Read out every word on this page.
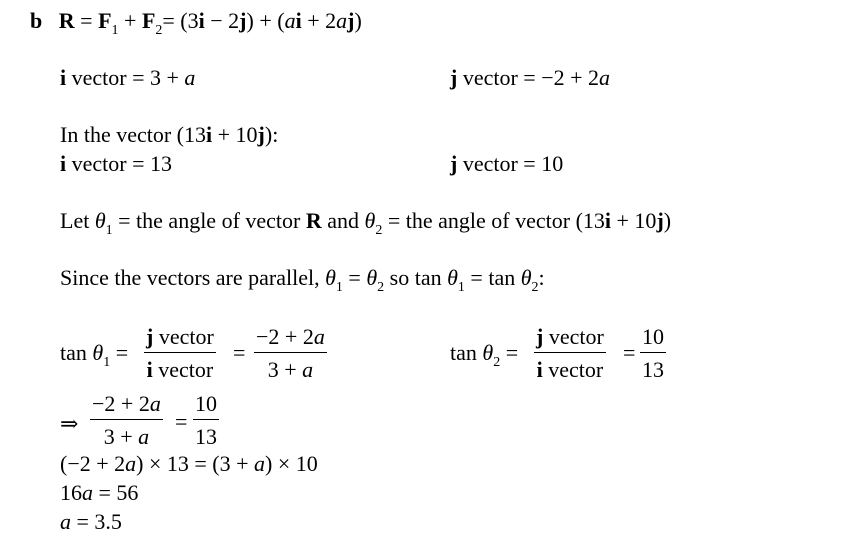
b $R = F_1 + F_2= (3i - 2j) + (ai + 2aj)$
i vector = 3 + a	j vector = −2 + 2a
In the vector (13i + 10j):
i vector = 13	j vector = 10
Let $\theta_1$ = the angle of vector R and $\theta_2$ = the angle of vector (13i + 10j)
Since the vectors are parallel, $\theta_1 = \theta_2$ so $\tan \theta_1 = \tan \theta_2$:
$\tan \theta_1$ =
j vector
i vector
=
−2 + 2a
3 + a
$\tan \theta_2$ =
j vector
i vector
=
10
13
⇒
−2 + 2a
3 + a
=
10
13
(−2 + 2a) × 13 = (3 + a) × 10
16a = 56
a = 3.5
